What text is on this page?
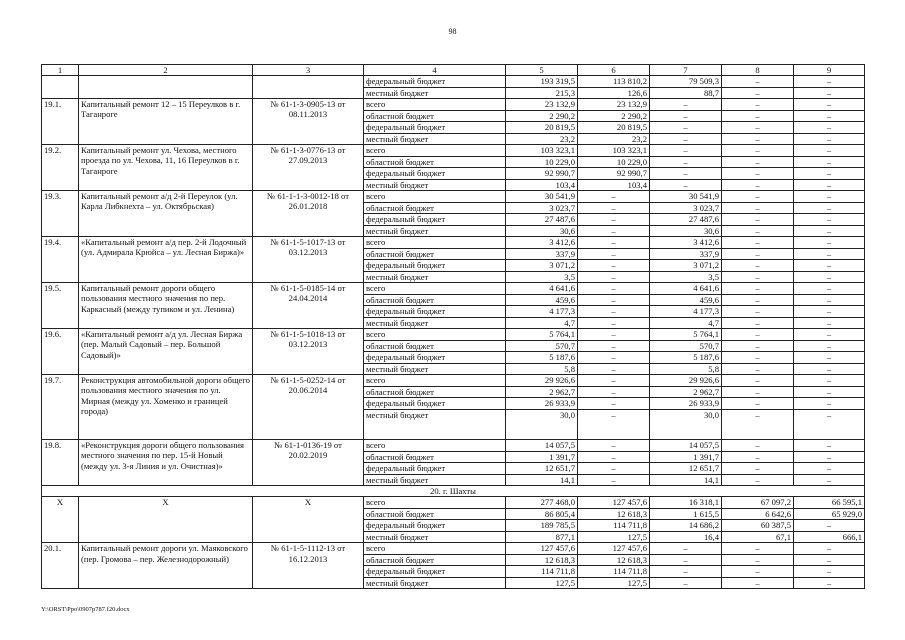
98
1	2	3	4	5	6	7	8	9
			федеральный бюджет	193 319,5	113 810,2	79 509,3	–	–
			местный бюджет	215,3	126,6	88,7	–	–
19.1.	Капитальный ремонт 12 – 15 Переулков в г. Таганроге	№ 61-1-3-0905-13 от 08.11.2013	всего	23 132,9	23 132,9	–	–	–
			областной бюджет	2 290,2	2 290,2	–	–	–
			федеральный бюджет	20 819,5	20 819,5	–	–	–
			местный бюджет	23,2	23,2	–	–	–
19.2.	Капитальный ремонт ул. Чехова, местного проезда по ул. Чехова, 11, 16 Переулков в г. Таганроге	№ 61-1-3-0776-13 от 27.09.2013	всего	103 323,1	103 323,1	–	–	–
			областной бюджет	10 229,0	10 229,0	–	–	–
			федеральный бюджет	92 990,7	92 990,7	–	–	–
			местный бюджет	103,4	103,4	–	–	–
19.3.	Капитальный ремонт а/д 2-й Переулок (ул. Карла Либкнехта – ул. Октябрьская)	№ 61-1-1-3-0012-18 от 26.01.2018	всего	30 541,9	–	30 541,9	–	–
			областной бюджет	3 023,7	–	3 023,7	–	–
			федеральный бюджет	27 487,6	–	27 487,6	–	–
			местный бюджет	30,6	–	30,6	–	–
19.4.	«Капитальный ремонт а/д пер. 2-й Лодочный (ул. Адмирала Крюйса – ул. Лесная Биржа)»	№ 61-1-5-1017-13 от 03.12.2013	всего	3 412,6	–	3 412,6	–	–
			областной бюджет	337,9	–	337,9	–	–
			федеральный бюджет	3 071,2	–	3 071,2	–	–
			местный бюджет	3,5	–	3,5	–	–
19.5.	Капитальный ремонт дороги общего пользования местного значения по пер. Каркасный (между тупиком и ул. Ленина)	№ 61-1-5-0185-14 от 24.04.2014	всего	4 641,6	–	4 641,6	–	–
			областной бюджет	459,6	–	459,6	–	–
			федеральный бюджет	4 177,3	–	4 177,3	–	–
			местный бюджет	4,7	–	4,7	–	–
19.6.	«Капитальный ремонт а/д ул. Лесная Биржа (пер. Малый Садовый – пер. Большой Садовый)»	№ 61-1-5-1018-13 от 03.12.2013	всего	5 764,1	–	5 764,1	–	–
			областной бюджет	570,7	–	570,7	–	–
			федеральный бюджет	5 187,6	–	5 187,6	–	–
			местный бюджет	5,8	–	5,8	–	–
19.7.	Реконструкция автомобильной дороги общего пользования местного значения по ул. Мирная (между ул. Хоменко и границей города)	№ 61-1-5-0252-14 от 20.06.2014	всего	29 926,6	–	29 926,6	–	–
			областной бюджет	2 962,7	–	2 962,7	–	–
			федеральный бюджет	26 933,9	–	26 933,9	–	–
			местный бюджет	30,0	–	30,0	–	–
19.8.	«Реконструкция дороги общего пользования местного значения по пер. 15-й Новый (между ул. 3-я Линия и ул. Очистная)»	№ 61-1-0136-19 от 20.02.2019	всего	14 057,5	–	14 057,5	–	–
			областной бюджет	1 391,7	–	1 391,7	–	–
			федеральный бюджет	12 651,7	–	12 651,7	–	–
			местный бюджет	14,1	–	14,1	–	–
20. г. Шахты								
X	X	X	всего	277 468,0	127 457,6	16 318,1	67 097,2	66 595,1
			областной бюджет	86 805,4	12 618,3	1 615,5	6 642,6	65 929,0
			федеральный бюджет	189 785,5	114 711,8	14 686,2	60 387,5	–
			местный бюджет	877,1	127,5	16,4	67,1	666,1
20.1.	Капитальный ремонт дороги ул. Маяковского (пер. Громова – пер. Железнодорожный)	№ 61-1-5-1112-13 от 16.12.2013	всего	127 457,6	127 457,6	–	–	–
			областной бюджет	12 618,3	12 618,3	–	–	–
			федеральный бюджет	114 711,8	114 711,8	–	–	–
			местный бюджет	127,5	127,5	–	–	–
Y:\ORST\Ppo\0907p787.f20.docx
